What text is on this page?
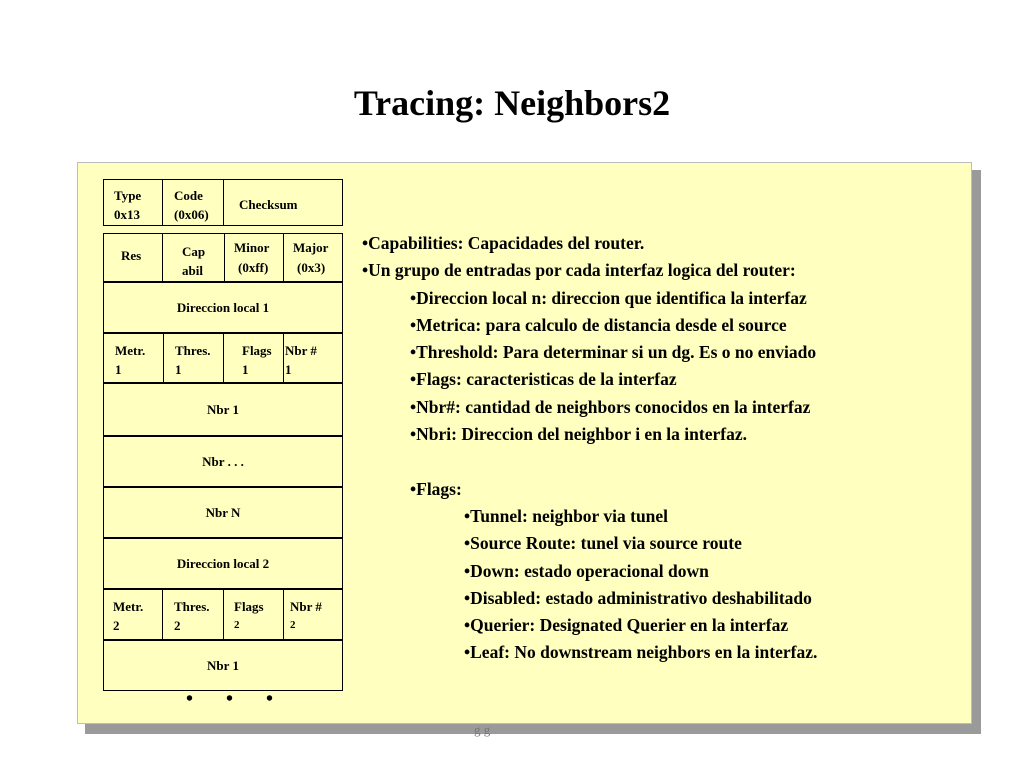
Tracing: Neighbors2
Type
0x13
Code
(0x06)
Checksum
Res	Cap
abil
Minor
(0xff)
Major
(0x3)
Direccion local 1
Metr.
1
Thres.
1
Flags
1
Nbr #
1
Nbr 1
Nbr . . .
Nbr N
Direccion local 2
Metr.
2
Thres.
2
Flags
2
Nbr #
2
Nbr 1
• • •
•Capabilities: Capacidades del router.
•Un grupo de entradas por cada interfaz logica del router:
•Direccion local n: direccion que identifica la interfaz
•Metrica: para calculo de distancia desde el source
•Threshold: Para determinar si un dg. Es o no enviado
•Flags: caracteristicas de la interfaz
•Nbr#: cantidad de neighbors conocidos en la interfaz
•Nbri: Direccion del neighbor i en la interfaz.
•Flags:
•Tunnel: neighbor via tunel
•Source Route: tunel via source route
•Down: estado operacional down
•Disabled: estado administrativo deshabilitado
•Querier: Designated Querier en la interfaz
•Leaf: No downstream neighbors en la interfaz.
g g
